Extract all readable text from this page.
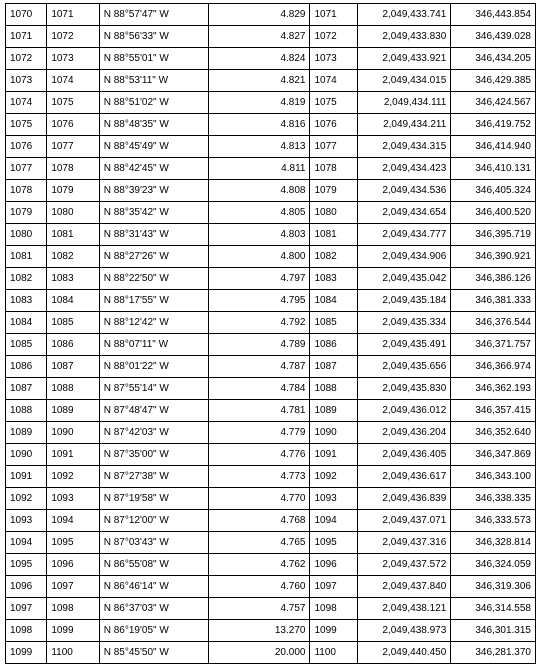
1070	1071	N 88°57'47" W	4.829	1071	2,049,433.741	346,443.854
1071	1072	N 88°56'33" W	4.827	1072	2,049,433.830	346,439.028
1072	1073	N 88°55'01" W	4.824	1073	2,049,433.921	346,434.205
1073	1074	N 88°53'11" W	4.821	1074	2,049,434.015	346,429.385
1074	1075	N 88°51'02" W	4.819	1075	2,049,434.111	346,424.567
1075	1076	N 88°48'35" W	4.816	1076	2,049,434.211	346,419.752
1076	1077	N 88°45'49" W	4.813	1077	2,049,434.315	346,414.940
1077	1078	N 88°42'45" W	4.811	1078	2,049,434.423	346,410.131
1078	1079	N 88°39'23" W	4.808	1079	2,049,434.536	346,405.324
1079	1080	N 88°35'42" W	4.805	1080	2,049,434.654	346,400.520
1080	1081	N 88°31'43" W	4.803	1081	2,049,434.777	346,395.719
1081	1082	N 88°27'26" W	4.800	1082	2,049,434.906	346,390.921
1082	1083	N 88°22'50" W	4.797	1083	2,049,435.042	346,386.126
1083	1084	N 88°17'55" W	4.795	1084	2,049,435.184	346,381.333
1084	1085	N 88°12'42" W	4.792	1085	2,049,435.334	346,376.544
1085	1086	N 88°07'11" W	4.789	1086	2,049,435.491	346,371.757
1086	1087	N 88°01'22" W	4.787	1087	2,049,435.656	346,366.974
1087	1088	N 87°55'14" W	4.784	1088	2,049,435.830	346,362.193
1088	1089	N 87°48'47" W	4.781	1089	2,049,436.012	346,357.415
1089	1090	N 87°42'03" W	4.779	1090	2,049,436.204	346,352.640
1090	1091	N 87°35'00" W	4.776	1091	2,049,436.405	346,347.869
1091	1092	N 87°27'38" W	4.773	1092	2,049,436.617	346,343.100
1092	1093	N 87°19'58" W	4.770	1093	2,049,436.839	346,338.335
1093	1094	N 87°12'00" W	4.768	1094	2,049,437.071	346,333.573
1094	1095	N 87°03'43" W	4.765	1095	2,049,437.316	346,328.814
1095	1096	N 86°55'08" W	4.762	1096	2,049,437.572	346,324.059
1096	1097	N 86°46'14" W	4.760	1097	2,049,437.840	346,319.306
1097	1098	N 86°37'03" W	4.757	1098	2,049,438.121	346,314.558
1098	1099	N 86°19'05" W	13.270	1099	2,049,438.973	346,301.315
1099	1100	N 85°45'50" W	20.000	1100	2,049,440.450	346,281.370
